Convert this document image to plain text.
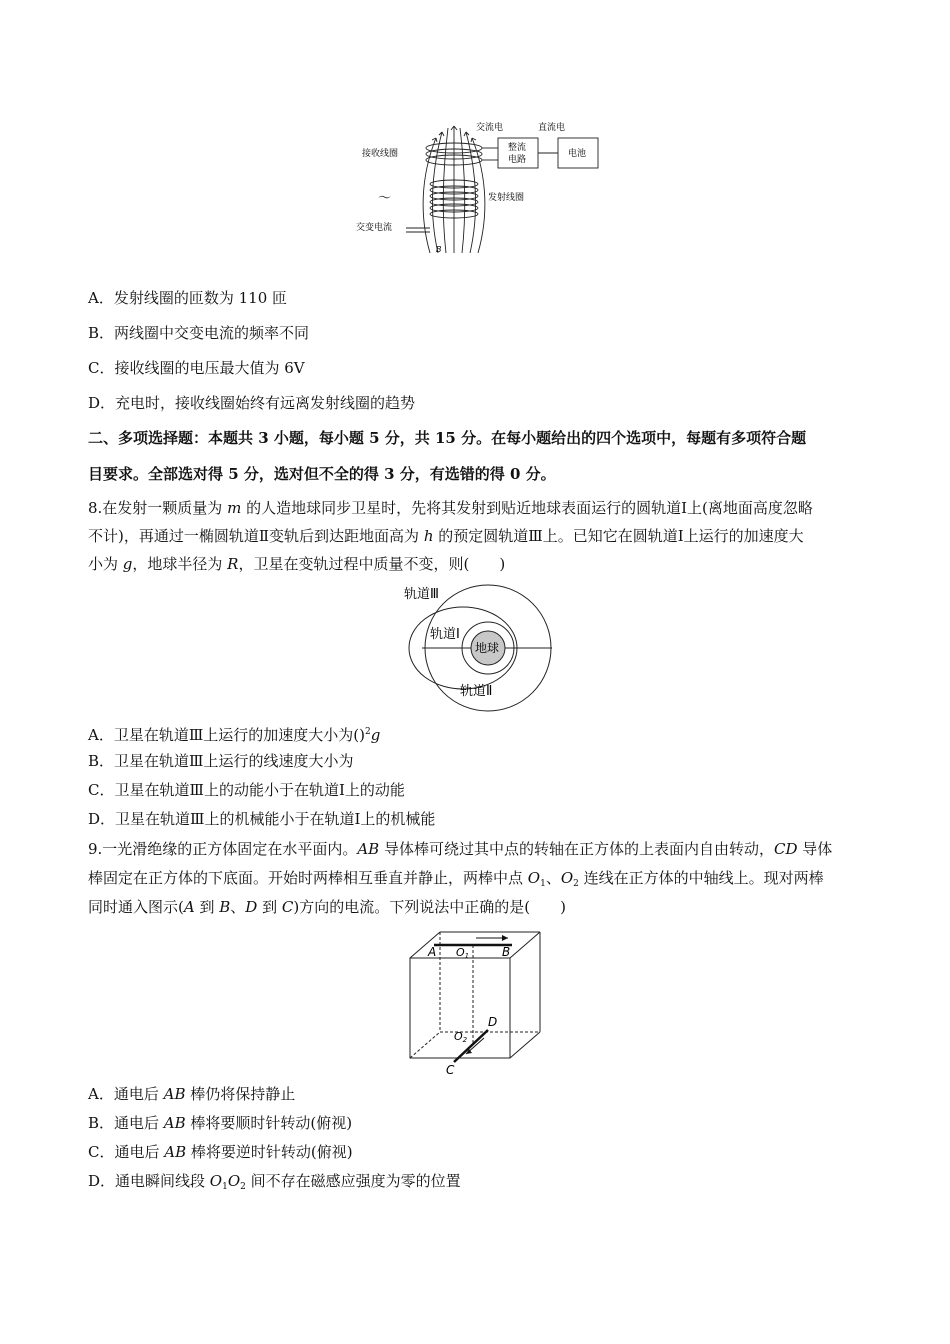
交流电	直流电
接收线圈
整流
电路
电池
～	发射线圈
交变电流
B
A．发射线圈的匝数为 110 匝
B．两线圈中交变电流的频率不同
C．接收线圈的电压最大值为 6V
D．充电时，接收线圈始终有远离发射线圈的趋势
二、多项选择题：本题共 3 小题，每小题 5 分，共 15 分。在每小题给出的四个选项中，每题有多项符合题
目要求。全部选对得 5 分，选对但不全的得 3 分，有选错的得 0 分。
8.在发射一颗质量为 m 的人造地球同步卫星时，先将其发射到贴近地球表面运行的圆轨道Ⅰ上(离地面高度忽略
不计)，再通过一椭圆轨道Ⅱ变轨后到达距地面高为 h 的预定圆轨道Ⅲ上。已知它在圆轨道Ⅰ上运行的加速度大
小为 g，地球半径为 R，卫星在变轨过程中质量不变，则(　　)
轨道Ⅲ
轨道Ⅰ
地球
轨道Ⅱ
A．卫星在轨道Ⅲ上运行的加速度大小为()$^2$g
B．卫星在轨道Ⅲ上运行的线速度大小为
C．卫星在轨道Ⅲ上的动能小于在轨道Ⅰ上的动能
D．卫星在轨道Ⅲ上的机械能小于在轨道Ⅰ上的机械能
9.一光滑绝缘的正方体固定在水平面内。AB 导体棒可绕过其中点的转轴在正方体的上表面内自由转动，CD 导体
棒固定在正方体的下底面。开始时两棒相互垂直并静止，两棒中点 $O_1$、$O_2$ 连线在正方体的中轴线上。现对两棒
同时通入图示(A 到 B、D 到 C)方向的电流。下列说法中正确的是(　　)
A O1	B
D
O2
C
A．通电后 AB 棒仍将保持静止
B．通电后 AB 棒将要顺时针转动(俯视)
C．通电后 AB 棒将要逆时针转动(俯视)
D．通电瞬间线段 $O_1O_2$ 间不存在磁感应强度为零的位置
